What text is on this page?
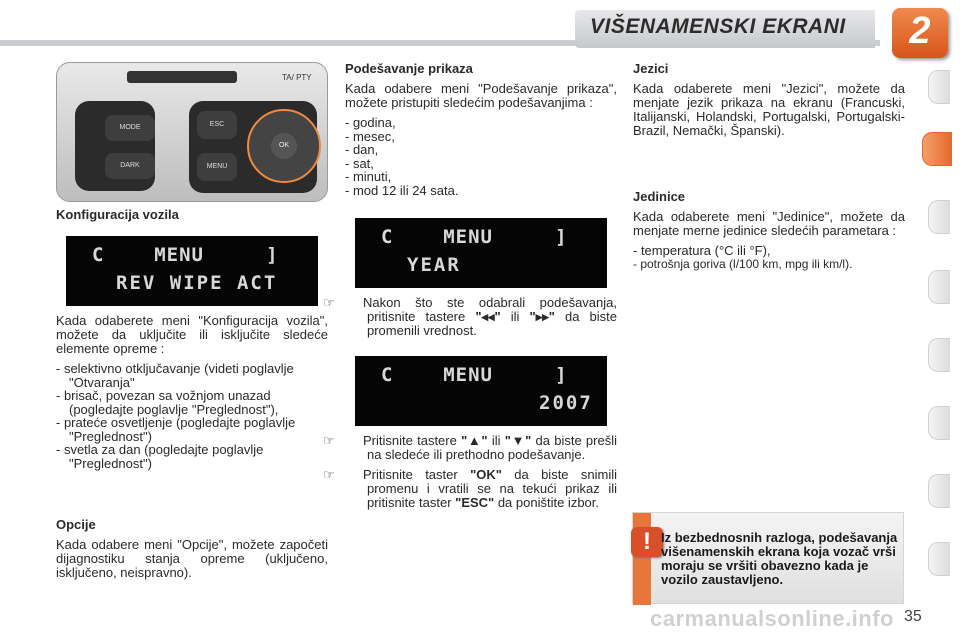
VIŠENAMENSKI EKRANI	2
TA/ PTY
MODE
DARK
ESC
MENU
OK

Konfiguracija vozila

C    MENU     ]
REV WIPE ACT

Kada odaberete meni "Konfiguracija vozila", možete da uključite ili isključite sledeće elemente opreme :

- selektivno otključavanje (videti poglavlje "Otvaranja"
- brisač, povezan sa vožnjom unazad (pogledajte poglavlje "Preglednost"),
- prateće osvetljenje (pogledajte poglavlje "Preglednost")
- svetla za dan (pogledajte poglavlje "Preglednost")

Opcije

Kada odabere meni "Opcije", možete započeti dijagnostiku stanja opreme (uključeno, isključeno, neispravno).

Podešavanje prikaza

Kada odabere meni "Podešavanje prikaza", možete pristupiti sledećim podešavanjima :

- godina,
- mesec,
- dan,
- sat,
- minuti,
- mod 12 ili 24 sata.
C    MENU     ]
YEAR

☞ Nakon što ste odabrali podešavanja, pritisnite tastere "◂◂" ili "▸▸" da biste promenili vrednost.

C    MENU     ]
2007

☞ Pritisnite tastere "▲" ili "▼" da biste prešli na sledeće ili prethodno podešavanje.

☞ Pritisnite taster "OK" da biste snimili promenu i vratili se na tekući prikaz ili pritisnite taster "ESC" da poništite izbor.

Jezici

Kada odaberete meni "Jezici", možete da menjate jezik prikaza na ekranu (Francuski, Italijanski, Holandski, Portugalski, Portugalski-Brazil, Nemački, Španski).

Jedinice

Kada odaberete meni "Jedinice", možete da menjate merne jedinice sledećih parametara :

- temperatura (°C ili °F),
- potrošnja goriva (l/100 km, mpg ili km/l).
! Iz bezbednosnih razloga, podešavanja višenamenskih ekrana koja vozač vrši moraju se vršiti obavezno kada je vozilo zaustavljeno.
carmanualsonline.info 35
